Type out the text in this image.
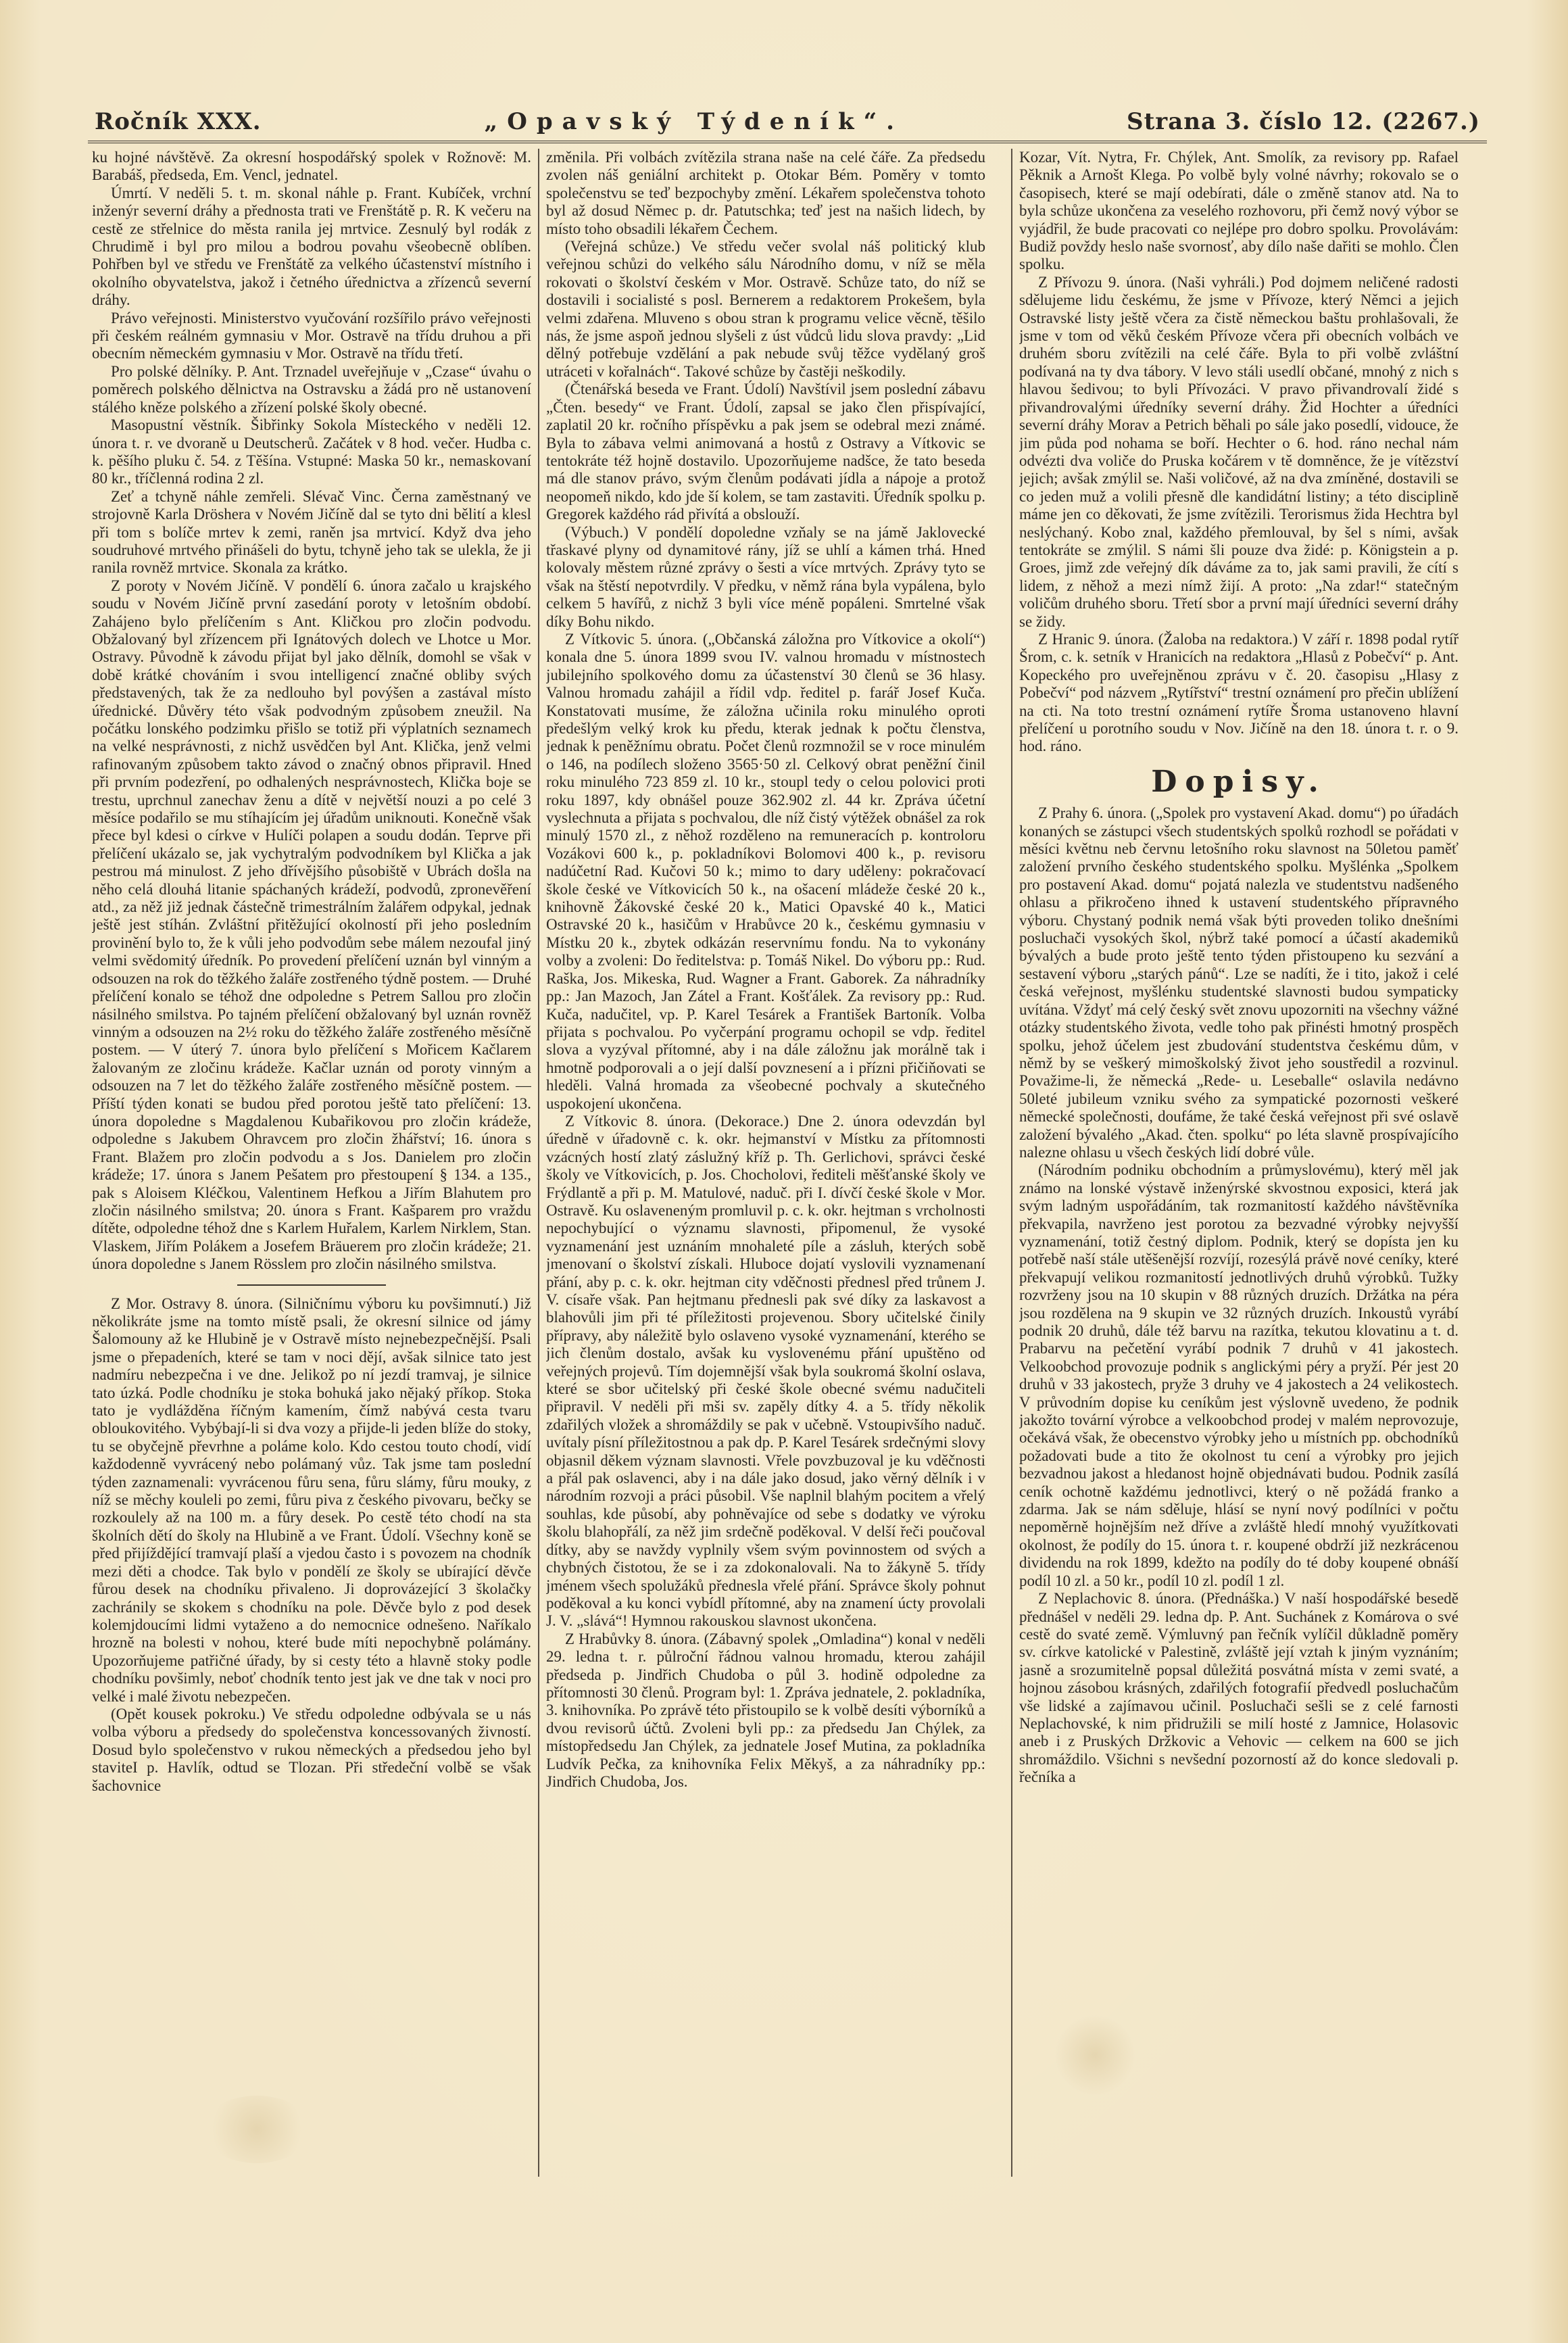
Ročník XXX.	„Opavský Týdeník“.	Strana 3. číslo 12. (2267.)

ku hojné návštěvě. Za okresní hospodářský spolek v Rožnově: M. Barabáš, předseda, Em. Vencl, jednatel.

Úmrtí. V neděli 5. t. m. skonal náhle p. Frant. Kubíček, vrchní inženýr severní dráhy a přednosta trati ve Frenštátě p. R. K večeru na cestě ze střelnice do města ranila jej mrtvice. Zesnulý byl rodák z Chrudimě i byl pro milou a bodrou povahu všeobecně oblíben. Pohřben byl ve středu ve Frenštátě za velkého účastenství místního i okolního obyvatelstva, jakož i četného úřednictva a zřízenců severní dráhy.

Právo veřejnosti. Ministerstvo vyučování rozšířilo právo veřejnosti při českém reálném gymnasiu v Mor. Ostravě na třídu druhou a při obecním německém gymnasiu v Mor. Ostravě na třídu třetí.

Pro polské dělníky. P. Ant. Trznadel uveřejňuje v „Czase“ úvahu o poměrech polského dělnictva na Ostravsku a žádá pro ně ustanovení stálého kněze polského a zřízení polské školy obecné.

Masopustní věstník. Šibřinky Sokola Místeckého v neděli 12. února t. r. ve dvoraně u Deutscherů. Začátek v 8 hod. večer. Hudba c. k. pěšího pluku č. 54. z Těšína. Vstupné: Maska 50 kr., nemaskovaní 80 kr., tříčlenná rodina 2 zl.

Zeť a tchyně náhle zemřeli. Slévač Vinc. Černa zaměstnaný ve strojovně Karla Dröshera v Novém Jičíně dal se tyto dni bělití a klesl při tom s bolíče mrtev k zemi, raněn jsa mrtvicí. Když dva jeho soudruhové mrtvého přinášeli do bytu, tchyně jeho tak se ulekla, že ji ranila rovněž mrtvice. Skonala za krátko.

Z poroty v Novém Jičíně. V pondělí 6. února začalo u krajského soudu v Novém Jičíně první zasedání poroty v letošním období. Zahájeno bylo přelíčením s Ant. Kličkou pro zločin podvodu. Obžalovaný byl zřízencem při Ignátových dolech ve Lhotce u Mor. Ostravy. Původně k závodu přijat byl jako dělník, domohl se však v době krátké chováním i svou intelligencí značné obliby svých představených, tak že za nedlouho byl povýšen a zastával místo úřednické. Důvěry této však podvodným způsobem zneužil. Na počátku lonského podzimku přišlo se totiž při výplatních seznamech na velké nesprávnosti, z nichž usvědčen byl Ant. Klička, jenž velmi rafinovaným způsobem takto závod o značný obnos připravil. Hned při prvním podezření, po odhalených nesprávnostech, Klička boje se trestu, uprchnul zanechav ženu a dítě v největší nouzi a po celé 3 měsíce podařilo se mu stíhajícím jej úřadům uniknouti. Konečně však přece byl kdesi o církve v Hulíči polapen a soudu dodán. Teprve při přelíčení ukázalo se, jak vychytralým podvodníkem byl Klička a jak pestrou má minulost. Z jeho dřívějšího působiště v Ubrách došla na něho celá dlouhá litanie spáchaných krádeží, podvodů, zpronevěření atd., za něž již jednak částečně trimestrálním žalářem odpykal, jednak ještě jest stíhán. Zvláštní přitěžující okolností při jeho posledním provinění bylo to, že k vůli jeho podvodům sebe málem nezoufal jiný velmi svědomitý úředník. Po provedení přelíčení uznán byl vinným a odsouzen na rok do těžkého žaláře zostřeného týdně postem. — Druhé přelíčení konalo se téhož dne odpoledne s Petrem Sallou pro zločin násilného smilstva. Po tajném přelíčení obžalovaný byl uznán rovněž vinným a odsouzen na 2½ roku do těžkého žaláře zostřeného měsíčně postem. — V úterý 7. února bylo přelíčení s Mořicem Kačlarem žalovaným ze zločinu krádeže. Kačlar uznán od poroty vinným a odsouzen na 7 let do těžkého žaláře zostřeného měsíčně postem. — Příští týden konati se budou před porotou ještě tato přelíčení: 13. února dopoledne s Magdalenou Kubařikovou pro zločin krádeže, odpoledne s Jakubem Ohravcem pro zločin žhářství; 16. února s Frant. Blažem pro zločin podvodu a s Jos. Danielem pro zločin krádeže; 17. února s Janem Pešatem pro přestoupení § 134. a 135., pak s Aloisem Kléčkou, Valentinem Hefkou a Jiřím Blahutem pro zločin násilného smilstva; 20. února s Frant. Kašparem pro vraždu dítěte, odpoledne téhož dne s Karlem Huřalem, Karlem Nirklem, Stan. Vlaskem, Jiřím Polákem a Josefem Bräuerem pro zločin krádeže; 21. února dopoledne s Janem Rösslem pro zločin násilného smilstva.

Z Mor. Ostravy 8. února. (Silničnímu výboru ku povšimnutí.) Již několikráte jsme na tomto místě psali, že okresní silnice od jámy Šalomouny až ke Hlubině je v Ostravě místo nejnebezpečnější. Psali jsme o přepadeních, které se tam v noci dějí, avšak silnice tato jest nadmíru nebezpečna i ve dne. Jelikož po ní jezdí tramvaj, je silnice tato úzká. Podle chodníku je stoka bohuká jako nějaký příkop. Stoka tato je vydlážděna říčným kamením, čímž nabývá cesta tvaru obloukovitého. Vybýbají-li si dva vozy a přijde-li jeden blíže do stoky, tu se obyčejně převrhne a poláme kolo. Kdo cestou touto chodí, vidí každodenně vyvrácený nebo polámaný vůz. Tak jsme tam poslední týden zaznamenali: vyvrácenou fůru sena, fůru slámy, fůru mouky, z níž se měchy kouleli po zemi, fůru piva z českého pivovaru, bečky se rozkoulely až na 100 m. a fůry desek. Po cestě této chodí na sta školních dětí do školy na Hlubině a ve Frant. Údolí. Všechny koně se před přijíždějící tramvají plaší a vjedou často i s povozem na chodník mezi děti a chodce. Tak bylo v pondělí ze školy se ubírající děvče fůrou desek na chodníku přivaleno. Ji doprovázející 3 školačky zachránily se skokem s chodníku na pole. Děvče bylo z pod desek kolemjdoucími lidmi vytaženo a do nemocnice odnešeno. Naříkalo hrozně na bolesti v nohou, které bude míti nepochybně polámány. Upozorňujeme patřičné úřady, by si cesty této a hlavně stoky podle chodníku povšimly, neboť chodník tento jest jak ve dne tak v noci pro velké i malé životu nebezpečen.

(Opět kousek pokroku.) Ve středu odpoledne odbývala se u nás volba výboru a předsedy do společenstva koncessovaných živností. Dosud bylo společenstvo v rukou německých a předsedou jeho byl staviteI p. Havlík, odtud se Tlozan. Při středeční volbě se však šachovnice

změnila. Při volbách zvítězila strana naše na celé čáře. Za předsedu zvolen náš geniální architekt p. Otokar Bém. Poměry v tomto společenstvu se teď bezpochyby změní. Lékařem společenstva tohoto byl až dosud Němec p. dr. Patutschka; teď jest na našich lidech, by místo toho obsadili lékařem Čechem.

(Veřejná schůze.) Ve středu večer svolal náš politický klub veřejnou schůzi do velkého sálu Národního domu, v níž se měla rokovati o školství českém v Mor. Ostravě. Schůze tato, do níž se dostavili i socialisté s posl. Bernerem a redaktorem Prokešem, byla velmi zdařena. Mluveno s obou stran k programu velice věcně, těšilo nás, že jsme aspoň jednou slyšeli z úst vůdců lidu slova pravdy: „Lid dělný potřebuje vzdělání a pak nebude svůj těžce vydělaný groš utráceti v kořalnách“. Takové schůze by častěji neškodily.

(Čtenářská beseda ve Frant. Údolí) Navštívil jsem poslední zábavu „Čten. besedy“ ve Frant. Údolí, zapsal se jako člen přispívající, zaplatil 20 kr. ročního příspěvku a pak jsem se odebral mezi známé. Byla to zábava velmi animovaná a hostů z Ostravy a Vítkovic se tentokráte též hojně dostavilo. Upozorňujeme nadšce, že tato beseda má dle stanov právo, svým členům podávati jídla a nápoje a protož neopomeň nikdo, kdo jde ší kolem, se tam zastaviti. Úředník spolku p. Gregorek každého rád přivítá a obslouží.

(Výbuch.) V pondělí dopoledne vzňaly se na jámě Jaklovecké třaskavé plyny od dynamitové rány, jíž se uhlí a kámen trhá. Hned kolovaly městem různé zprávy o šesti a více mrtvých. Zprávy tyto se však na štěstí nepotvrdily. V předku, v němž rána byla vypálena, bylo celkem 5 havířů, z nichž 3 byli více méně popáleni. Smrtelné však díky Bohu nikdo.

Z Vítkovic 5. února. („Občanská záložna pro Vítkovice a okolí“) konala dne 5. února 1899 svou IV. valnou hromadu v místnostech jubilejního spolkového domu za účastenství 30 členů se 36 hlasy. Valnou hromadu zahájil a řídil vdp. ředitel p. farář Josef Kuča. Konstatovati musíme, že záložna učinila roku minulého oproti předešlým velký krok ku předu, kterak jednak k počtu členstva, jednak k peněžnímu obratu. Počet členů rozmnožil se v roce minulém o 146, na podílech složeno 3565·50 zl. Celkový obrat peněžní činil roku minulého 723 859 zl. 10 kr., stoupl tedy o celou polovici proti roku 1897, kdy obnášel pouze 362.902 zl. 44 kr. Zpráva účetní vyslechnuta a přijata s pochvalou, dle níž čistý výtěžek obnášel za rok minulý 1570 zl., z něhož rozděleno na remuneracích p. kontroloru Vozákovi 600 k., p. pokladníkovi Bolomovi 400 k., p. revisoru nadúčetní Rad. Kučovi 50 k.; mimo to dary uděleny: pokračovací škole české ve Vítkovicích 50 k., na ošacení mládeže české 20 k., knihovně Žákovské české 20 k., Matici Opavské 40 k., Matici Ostravské 20 k., hasičům v Hrabůvce 20 k., českému gymnasiu v Místku 20 k., zbytek odkázán reservnímu fondu. Na to vykonány volby a zvoleni: Do ředitelstva: p. Tomáš Nikel. Do výboru pp.: Rud. Raška, Jos. Mikeska, Rud. Wagner a Frant. Gaborek. Za náhradníky pp.: Jan Mazoch, Jan Zátel a Frant. Košťálek. Za revisory pp.: Rud. Kuča, nadučitel, vp. P. Karel Tesárek a František Bartoník. Volba přijata s pochvalou. Po vyčerpání programu ochopil se vdp. ředitel slova a vyzýval přítomné, aby i na dále záložnu jak morálně tak i hmotně podporovali a o její další povznesení a i přízni přičiňovati se hleděli. Valná hromada za všeobecné pochvaly a skutečného uspokojení ukončena.

Z Vítkovic 8. února. (Dekorace.) Dne 2. února odevzdán byl úředně v úřadovně c. k. okr. hejmanství v Místku za přítomnosti vzácných hostí zlatý záslužný kříž p. Th. Gerlichovi, správci české školy ve Vítkovicích, p. Jos. Chocholovi, řediteli měšťanské školy ve Frýdlantě a při p. M. Matulové, naduč. při I. dívčí české škole v Mor. Ostravě. Ku oslaveneným promluvil p. c. k. okr. hejtman s vrcholnosti nepochybující o významu slavnosti, připomenul, že vysoké vyznamenání jest uznáním mnohaleté píle a zásluh, kterých sobě jmenovaní o školství získali. Hluboce dojatí vyslovili vyznamenaní přání, aby p. c. k. okr. hejtman city vděčnosti přednesl před trůnem J. V. císaře však. Pan hejtmanu přednesli pak své díky za laskavost a blahovůli jim při té příležitosti projevenou. Sbory učitelské činily přípravy, aby náležitě bylo oslaveno vysoké vyznamenání, kterého se jich členům dostalo, avšak ku vyslovenému přání upuštěno od veřejných projevů. Tím dojemnější však byla soukromá školní oslava, které se sbor učitelský při české škole obecné svému nadučiteli připravil. V neděli při mši sv. zapěly dítky 4. a 5. třídy několik zdařilých vložek a shromáždily se pak v učebně. Vstoupivšího naduč. uvítaly písní příležitostnou a pak dp. P. Karel Tesárek srdečnými slovy objasnil děkem význam slavnosti. Vřele povzbuzoval je ku vděčnosti a přál pak oslavenci, aby i na dále jako dosud, jako věrný dělník i v národním rozvoji a práci působil. Vše naplnil blahým pocitem a vřelý souhlas, kde působí, aby pohněvajíce od sebe s dodatky ve výroku školu blahopřálí, za něž jim srdečně poděkoval. V delší řeči poučoval dítky, aby se navždy vyplnily všem svým povinnostem od svých a chybných čistotou, že se i za zdokonalovali. Na to žákyně 5. třídy jménem všech spolužáků přednesla vřelé přání. Správce školy pohnut poděkoval a ku konci vybídl přítomné, aby na znamení úcty provolali J. V. „slává“! Hymnou rakouskou slavnost ukončena.

Z Hrabůvky 8. února. (Zábavný spolek „Omladina“) konal v neděli 29. ledna t. r. půlroční řádnou valnou hromadu, kterou zahájil předseda p. Jindřich Chudoba o půl 3. hodině odpoledne za přítomnosti 30 členů. Program byl: 1. Zpráva jednatele, 2. pokladníka, 3. knihovníka. Po zprávě této přistoupilo se k volbě desíti výborníků a dvou revisorů účtů. Zvoleni byli pp.: za předsedu Jan Chýlek, za místopředsedu Jan Chýlek, za jednatele Josef Mutina, za pokladníka Ludvík Pečka, za knihovníka Felix Měkyš, a za náhradníky pp.: Jindřich Chudoba, Jos.

Kozar, Vít. Nytra, Fr. Chýlek, Ant. Smolík, za revisory pp. Rafael Pěknik a Arnošt Klega. Po volbě byly volné návrhy; rokovalo se o časopisech, které se mají odebírati, dále o změně stanov atd. Na to byla schůze ukončena za veselého rozhovoru, při čemž nový výbor se vyjádřil, že bude pracovati co nejlépe pro dobro spolku. Provolávám: Budiž povždy heslo naše svornosť, aby dílo naše dařiti se mohlo. Člen spolku.

Z Přívozu 9. února. (Naši vyhráli.) Pod dojmem neličené radosti sdělujeme lidu českému, že jsme v Přívoze, který Němci a jejich Ostravské listy ještě včera za čistě německou baštu prohlašovali, že jsme v tom od věků českém Přívoze včera při obecních volbách ve druhém sboru zvítězili na celé čáře. Byla to při volbě zvláštní podívaná na ty dva tábory. V levo stáli usedlí občané, mnohý z nich s hlavou šedivou; to byli Přívozáci. V pravo přivandrovalí židé s přivandrovalými úředníky severní dráhy. Žid Hochter a úředníci severní dráhy Morav a Petrich běhali po sále jako posedlí, vidouce, že jim půda pod nohama se boří. Hechter o 6. hod. ráno nechal nám odvézti dva voliče do Pruska kočárem v tě domněnce, že je vítězství jejich; avšak zmýlil se. Naši voličové, až na dva zmíněné, dostavili se co jeden muž a volili přesně dle kandidátní listiny; a této disciplině máme jen co děkovati, že jsme zvítězili. Terorismus žida Hechtra byl neslýchaný. Kobo znal, každého přemlouval, by šel s ními, avšak tentokráte se zmýlil. S námi šli pouze dva židé: p. Königstein a p. Groes, jimž zde veřejný dík dáváme za to, jak sami pravili, že cítí s lidem, z něhož a mezi nímž žijí. A proto: „Na zdar!“ statečným voličům druhého sboru. Třetí sbor a první mají úředníci severní dráhy se židy.

Z Hranic 9. února. (Žaloba na redaktora.) V září r. 1898 podal rytíř Šrom, c. k. setník v Hranicích na redaktora „Hlasů z Pobečví“ p. Ant. Kopeckého pro uveřejněnou zprávu v č. 20. časopisu „Hlasy z Pobečví“ pod názvem „Rytířství“ trestní oznámení pro přečin ublížení na cti. Na toto trestní oznámení rytíře Šroma ustanoveno hlavní přelíčení u porotního soudu v Nov. Jičíně na den 18. února t. r. o 9. hod. ráno.

Dopisy.

Z Prahy 6. února. („Spolek pro vystavení Akad. domu“) po úřadách konaných se zástupci všech studentských spolků rozhodl se pořádati v měsíci květnu neb červnu letošního roku slavnost na 50letou paměť založení prvního českého studentského spolku. Myšlénka „Spolkem pro postavení Akad. domu“ pojatá nalezla ve studentstvu nadšeného ohlasu a přikročeno ihned k ustavení studentského přípravného výboru. Chystaný podnik nemá však býti proveden toliko dnešními posluchači vysokých škol, nýbrž také pomocí a účastí akademiků bývalých a bude proto ještě tento týden přistoupeno ku sezvání a sestavení výboru „starých pánů“. Lze se nadíti, že i tito, jakož i celé česká veřejnost, myšlénku studentské slavnosti budou sympaticky uvítána. Vždyť má celý český svět znovu upozorniti na všechny vážné otázky studentského života, vedle toho pak přinésti hmotný prospěch spolku, jehož účelem jest zbudování studentstva českému dům, v němž by se veškerý mimoškolský život jeho soustředil a rozvinul. Považime-li, že německá „Rede- u. Leseballe“ oslavila nedávno 50leté jubileum vzniku svého za sympatické pozornosti veškeré německé společnosti, doufáme, že také česká veřejnost při své oslavě založení bývalého „Akad. čten. spolku“ po léta slavně prospívajícího nalezne ohlasu u všech českých lidí dobré vůle.

(Národním podniku obchodním a průmyslovému), který měl jak známo na lonské výstavě inženýrské skvostnou exposici, která jak svým ladným uspořádáním, tak rozmanitostí každého návštěvníka překvapila, navrženo jest porotou za bezvadné výrobky nejvyšší vyznamenání, totiž čestný diplom. Podnik, který se dopísta jen ku potřebě naší stále utěšenější rozvíjí, rozesýlá právě nové ceníky, které překvapují velikou rozmanitostí jednotlivých druhů výrobků. Tužky rozvrženy jsou na 10 skupin v 88 různých druzích. Držátka na péra jsou rozdělena na 9 skupin ve 32 různých druzích. Inkoustů vyrábí podnik 20 druhů, dále též barvu na razítka, tekutou klovatinu a t. d. Prabarvu na pečetění vyrábí podnik 7 druhů v 41 jakostech. Velkoobchod provozuje podnik s anglickými péry a pryží. Pér jest 20 druhů v 33 jakostech, pryže 3 druhy ve 4 jakostech a 24 velikostech. V průvodním dopise ku ceníkům jest výslovně uvedeno, že podnik jakožto tovární výrobce a velkoobchod prodej v malém neprovozuje, očekává však, že obecenstvo výrobky jeho u místních pp. obchodníků požadovati bude a tito že okolnost tu cení a výrobky pro jejich bezvadnou jakost a hledanost hojně objednávati budou. Podnik zasílá ceník ochotně každému jednotlivci, který o ně požádá franko a zdarma. Jak se nám sděluje, hlásí se nyní nový podílníci v počtu nepoměrně hojnějším než dříve a zvláště hledí mnohý využítkovati okolnost, že podíly do 15. února t. r. koupené obdrží již nezkrácenou dividendu na rok 1899, kdežto na podíly do té doby koupené obnáší podíl 10 zl. a 50 kr., podíl 10 zl. podíl 1 zl.

Z Neplachovic 8. února. (Přednáška.) V naší hospodářské besedě přednášel v neděli 29. ledna dp. P. Ant. Suchánek z Komárova o své cestě do svaté země. Výmluvný pan řečník vylíčil důkladně poměry sv. církve katolické v Palestině, zvláště její vztah k jiným vyznáním; jasně a srozumitelně popsal důležitá posvátná místa v zemi svaté, a hojnou zásobou krásných, zdařilých fotografií předvedl posluchačům vše lidské a zajímavou učinil. Posluchači sešli se z celé farnosti Neplachovské, k nim přidružili se milí hosté z Jamnice, Holasovic aneb i z Pruských Držkovic a Vehovic — celkem na 600 se jich shromáždilo. Všichni s nevšední pozorností až do konce sledovali p. řečníka a
